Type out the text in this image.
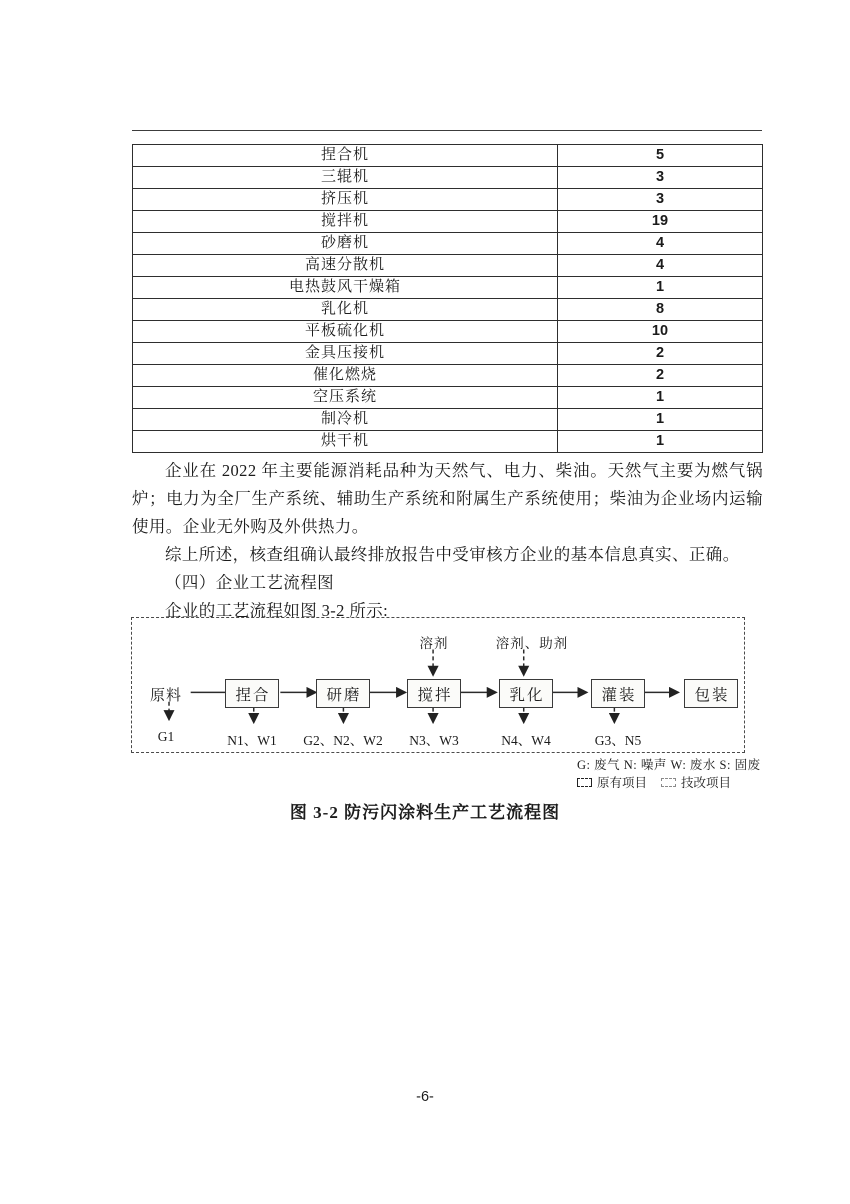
捏合机	5
三辊机	3
挤压机	3
搅拌机	19
砂磨机	4
高速分散机	4
电热鼓风干燥箱	1
乳化机	8
平板硫化机	10
金具压接机	2
催化燃烧	2
空压系统	1
制冷机	1
烘干机	1

企业在 2022 年主要能源消耗品种为天然气、电力、柴油。天然气主要为燃气锅炉；电力为全厂生产系统、辅助生产系统和附属生产系统使用；柴油为企业场内运输使用。企业无外购及外供热力。

综上所述，核查组确认最终排放报告中受审核方企业的基本信息真实、正确。

（四）企业工艺流程图

企业的工艺流程如图 3-2 所示:

原料
G1
捏合
N1、W1
研磨
G2、N2、W2
搅拌
N3、W3
溶剂
乳化
N4、W4
溶剂、助剂
灌装
G3、N5
包装
G: 废气 N: 噪声 W: 废水 S: 固废
原有项目	技改项目
图 3-2 防污闪涂料生产工艺流程图
-6-
